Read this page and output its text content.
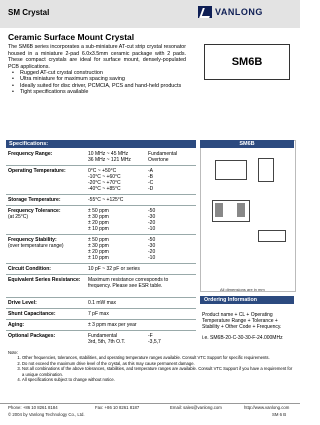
SM Crystal	VANLONG
Ceramic Surface Mount Crystal
The SM6B series incorporates a sub-miniature AT-cut strip crystal resonator housed in a miniature 2-pad 6.0x3.5mm ceramic package with 2 pads. These compact crystals are ideal for surface mount, densely-populated PCB applications.
• Rugged AT-cut crystal construction
• Ultra miniature for maximum spacing saving
• Ideally suited for disc driver, PCMCIA, PCS and hand-held products
• Tight specifications available
SM6B
Specifications:
Frequency Range:	10 MHz ~ 45 MHz	Fundamental
36 MHz ~ 121 MHz	Overtone
Operating Temperature:	0°C ~ +50°C	-A
-10°C ~ +60°C	-B
-20°C ~ +70°C	-C
-40°C ~ +85°C	-D
Storage Temperature:	-55°C ~ +125°C
Frequency Tolerance:
(at 25°C)
± 50 ppm	-50
± 30 ppm	-30
± 20 ppm	-20
± 10 ppm	-10
Frequency Stability:
(over temperature range)
± 50 ppm	-50
± 30 ppm	-30
± 20 ppm	-20
± 10 ppm	-10
Circuit Condition:	10 pF ~ 32 pF or series
Equivalent Series Resistance:	Maximum resistance corresponds to frequency. Please see ESR table.
Drive Level:	0.1 mW max
Shunt Capacitance:	7 pF max
Aging:	± 3 ppm max per year
Optional Packages:	Fundamental	-F
3rd, 5th, 7th O.T.	-3,5,7
SM6B
All dimensions are in mm
Ordering Information
Product name + CL + Operating Temperature Range + Tolerance + Stability + Other Code + Frequency.
i.e. SM6B-20-C-30-30-F-24.000MHz
Note:
1. Other frequencies, tolerances, stabilities, and operating temperature ranges available. Consult VTC Support for specific requirements.
2. Do not exceed the maximum drive level of the crystal, as this may cause permanent damage.
3. Not all combinations of the above tolerances, stabilities, and temperature ranges are available. Consult VTC Support if you have a requirement for a unique combination.
4. All specifications subject to change without notice.
Phone: +86 10 8261 8184	Fax: +86 10 8261 8187	Email: sales@vanlong.com	http://www.vanlong.com
© 2004 by Vanlong Technology Co., Ltd.	SM 6 B
